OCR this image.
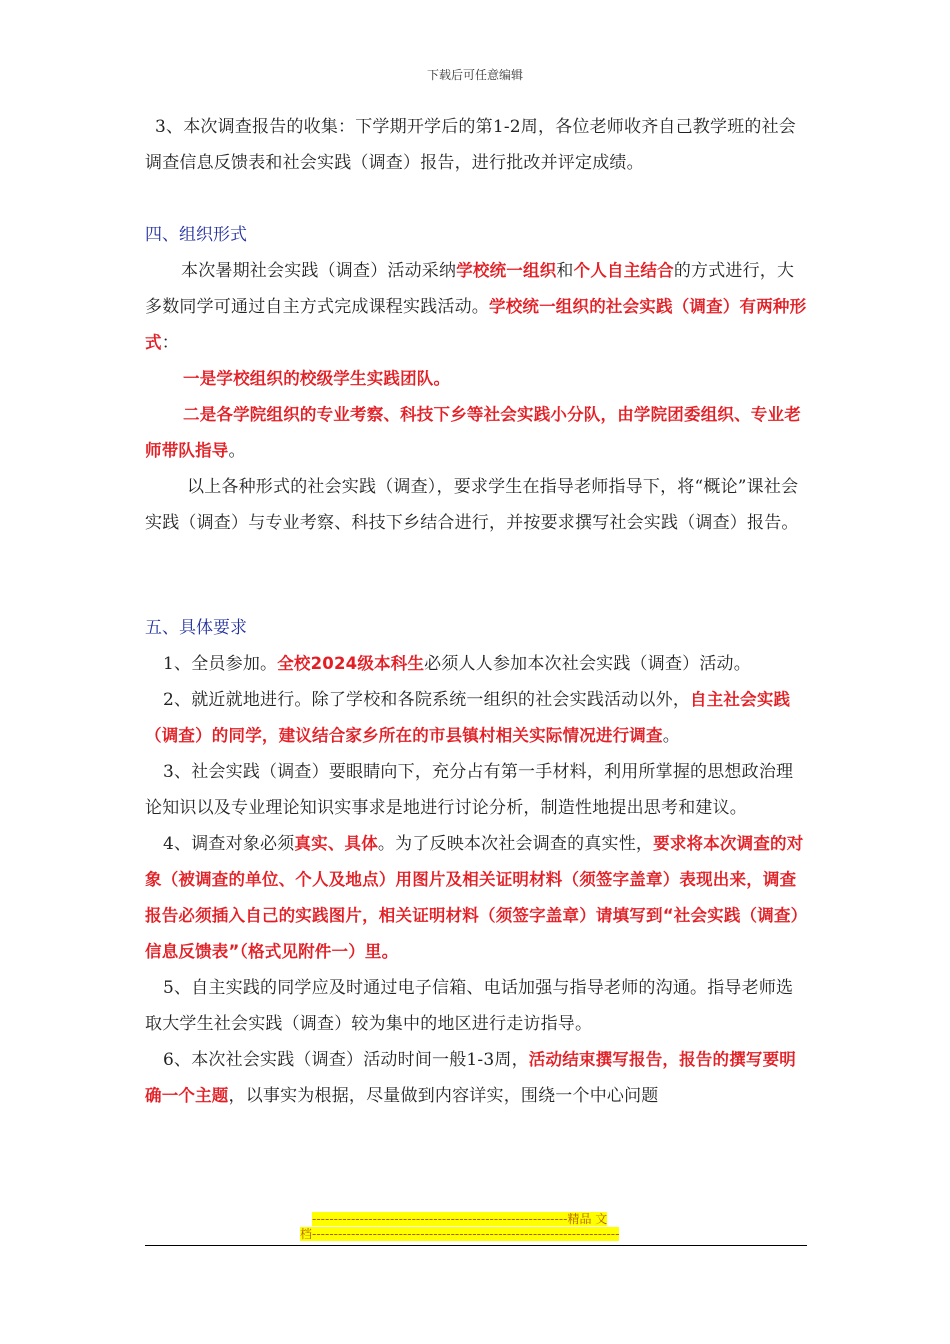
下载后可任意编辑

3、本次调查报告的收集：下学期开学后的第1-2周，各位老师收齐自己教学班的社会调查信息反馈表和社会实践（调查）报告，进行批改并评定成绩。

四、组织形式

本次暑期社会实践（调查）活动采纳学校统一组织和个人自主结合的方式进行，大多数同学可通过自主方式完成课程实践活动。学校统一组织的社会实践（调查）有两种形式：

一是学校组织的校级学生实践团队。

二是各学院组织的专业考察、科技下乡等社会实践小分队，由学院团委组织、专业老师带队指导。

以上各种形式的社会实践（调查），要求学生在指导老师指导下，将“概论”课社会实践（调查）与专业考察、科技下乡结合进行，并按要求撰写社会实践（调查）报告。

五、具体要求

1、全员参加。全校2024级本科生必须人人参加本次社会实践（调查）活动。

2、就近就地进行。除了学校和各院系统一组织的社会实践活动以外，自主社会实践（调查）的同学，建议结合家乡所在的市县镇村相关实际情况进行调查。

3、社会实践（调查）要眼睛向下，充分占有第一手材料，利用所掌握的思想政治理论知识以及专业理论知识实事求是地进行讨论分析，制造性地提出思考和建议。

4、调查对象必须真实、具体。为了反映本次社会调查的真实性，要求将本次调查的对象（被调查的单位、个人及地点）用图片及相关证明材料（须签字盖章）表现出来，调查报告必须插入自己的实践图片，相关证明材料（须签字盖章）请填写到“社会实践（调查）信息反馈表”（格式见附件一）里。

5、自主实践的同学应及时通过电子信箱、电话加强与指导老师的沟通。指导老师选取大学生社会实践（调查）较为集中的地区进行走访指导。

6、本次社会实践（调查）活动时间一般1-3周，活动结束撰写报告，报告的撰写要明确一个主题，以事实为根据，尽量做到内容详实，围绕一个中心问题

-----------------------------------------------------------精品 文
档-----------------------------------------------------------------------
